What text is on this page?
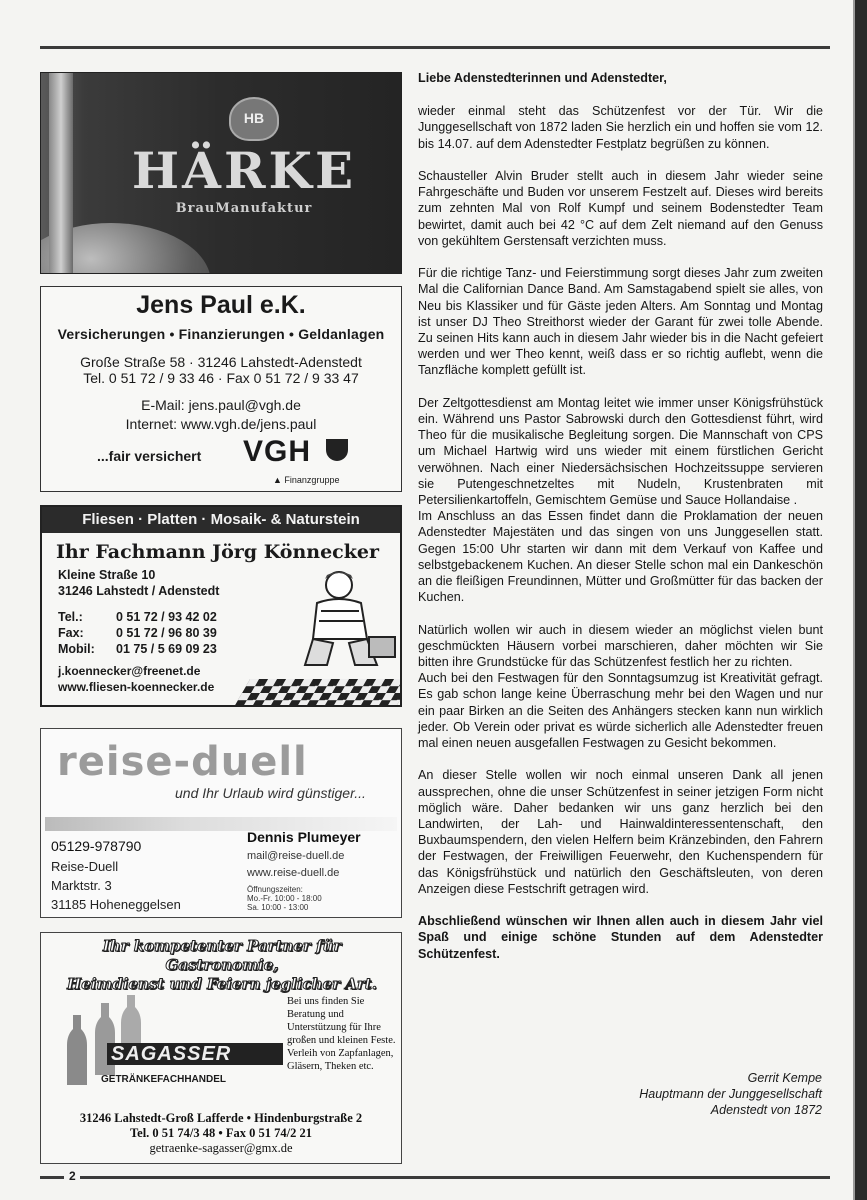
2
HB
HÄRKE
BrauManufaktur
Jens Paul e.K.
Versicherungen • Finanzierungen • Geldanlagen
Große Straße 58 · 31246 Lahstedt-Adenstedt
Tel. 0 51 72 / 9 33 46 · Fax 0 51 72 / 9 33 47
E-Mail: jens.paul@vgh.de
Internet: www.vgh.de/jens.paul
...fair versichert VGH
▲ Finanzgruppe
Fliesen · Platten · Mosaik- & Naturstein
Ihr Fachmann Jörg Könnecker
Kleine Straße 10
31246 Lahstedt / Adenstedt
Tel.:	0 51 72 / 93 42 02
Fax:	0 51 72 / 96 80 39
Mobil: 01 75 / 5 69 09 23
j.koennecker@freenet.de
www.fliesen-koennecker.de
reise-duell
und Ihr Urlaub wird günstiger...
05129-978790
Reise-Duell
Marktstr. 3
31185 Hoheneggelsen
Dennis Plumeyer
mail@reise-duell.de
www.reise-duell.de
Öffnungszeiten:
Mo.-Fr. 10:00 - 18:00
Sa. 10:00 - 13:00
Ihr kompetenter Partner für Gastronomie,
Heimdienst und Feiern jeglicher Art.
SAGASSER
GETRÄNKEFACHHANDEL
Bei uns finden Sie Beratung und Unterstützung für Ihre großen und kleinen Feste.
Verleih von Zapfanlagen, Gläsern, Theken etc.
31246 Lahstedt-Groß Lafferde • Hindenburgstraße 2
Tel. 0 51 74/3 48 • Fax 0 51 74/2 21
getraenke-sagasser@gmx.de

Liebe Adenstedterinnen und Adenstedter,

wieder einmal steht das Schützenfest vor der Tür. Wir die Junggesellschaft von 1872 laden Sie herzlich ein und hoffen sie vom 12. bis 14.07. auf dem Adenstedter Festplatz begrüßen zu können.

Schausteller Alvin Bruder stellt auch in diesem Jahr wieder seine Fahrgeschäfte und Buden vor unserem Festzelt auf. Dieses wird bereits zum zehnten Mal von Rolf Kumpf und seinem Bodenstedter Team bewirtet, damit auch bei 42 °C auf dem Zelt niemand auf den Genuss von gekühltem Gerstensaft verzichten muss.

Für die richtige Tanz- und Feierstimmung sorgt dieses Jahr zum zweiten Mal die Californian Dance Band. Am Samstagabend spielt sie alles, von Neu bis Klassiker und für Gäste jeden Alters. Am Sonntag und Montag ist unser DJ Theo Streithorst wieder der Garant für zwei tolle Abende. Zu seinen Hits kann auch in diesem Jahr wieder bis in die Nacht gefeiert werden und wer Theo kennt, weiß dass er so richtig auflebt, wenn die Tanzfläche komplett gefüllt ist.

Der Zeltgottesdienst am Montag leitet wie immer unser Königsfrühstück ein. Während uns Pastor Sabrowski durch den Gottesdienst führt, wird Theo für die musikalische Begleitung sorgen. Die Mannschaft von CPS um Michael Hartwig wird uns wieder mit einem fürstlichen Gericht verwöhnen. Nach einer Niedersächsischen Hochzeitssuppe servieren sie Putengeschnetzeltes mit Nudeln, Krustenbraten mit Petersilienkartoffeln, Gemischtem Gemüse und Sauce Hollandaise .

Im Anschluss an das Essen findet dann die Proklamation der neuen Adenstedter Majestäten und das singen von uns Junggesellen statt. Gegen 15:00 Uhr starten wir dann mit dem Verkauf von Kaffee und selbstgebackenem Kuchen. An dieser Stelle schon mal ein Dankeschön an die fleißigen Freundinnen, Mütter und Großmütter für das backen der Kuchen.

Natürlich wollen wir auch in diesem wieder an möglichst vielen bunt geschmückten Häusern vorbei marschieren, daher möchten wir Sie bitten ihre Grundstücke für das Schützenfest festlich her zu richten.

Auch bei den Festwagen für den Sonntagsumzug ist Kreativität gefragt. Es gab schon lange keine Überraschung mehr bei den Wagen und nur ein paar Birken an die Seiten des Anhängers stecken kann nun wirklich jeder. Ob Verein oder privat es würde sicherlich alle Adenstedter freuen mal einen neuen ausgefallen Festwagen zu Gesicht bekommen.

An dieser Stelle wollen wir noch einmal unseren Dank all jenen aussprechen, ohne die unser Schützenfest in seiner jetzigen Form nicht möglich wäre. Daher bedanken wir uns ganz herzlich bei den Landwirten, der Lah- und Hainwaldinteressentenschaft, den Buxbaumspendern, den vielen Helfern beim Kränzebinden, den Fahrern der Festwagen, der Freiwilligen Feuerwehr, den Kuchenspendern für das Königsfrühstück und natürlich den Geschäftsleuten, von deren Anzeigen diese Festschrift getragen wird.

Abschließend wünschen wir Ihnen allen auch in diesem Jahr viel Spaß und einige schöne Stunden auf dem Adenstedter Schützenfest.

Gerrit Kempe
Hauptmann der Junggesellschaft
Adenstedt von 1872
